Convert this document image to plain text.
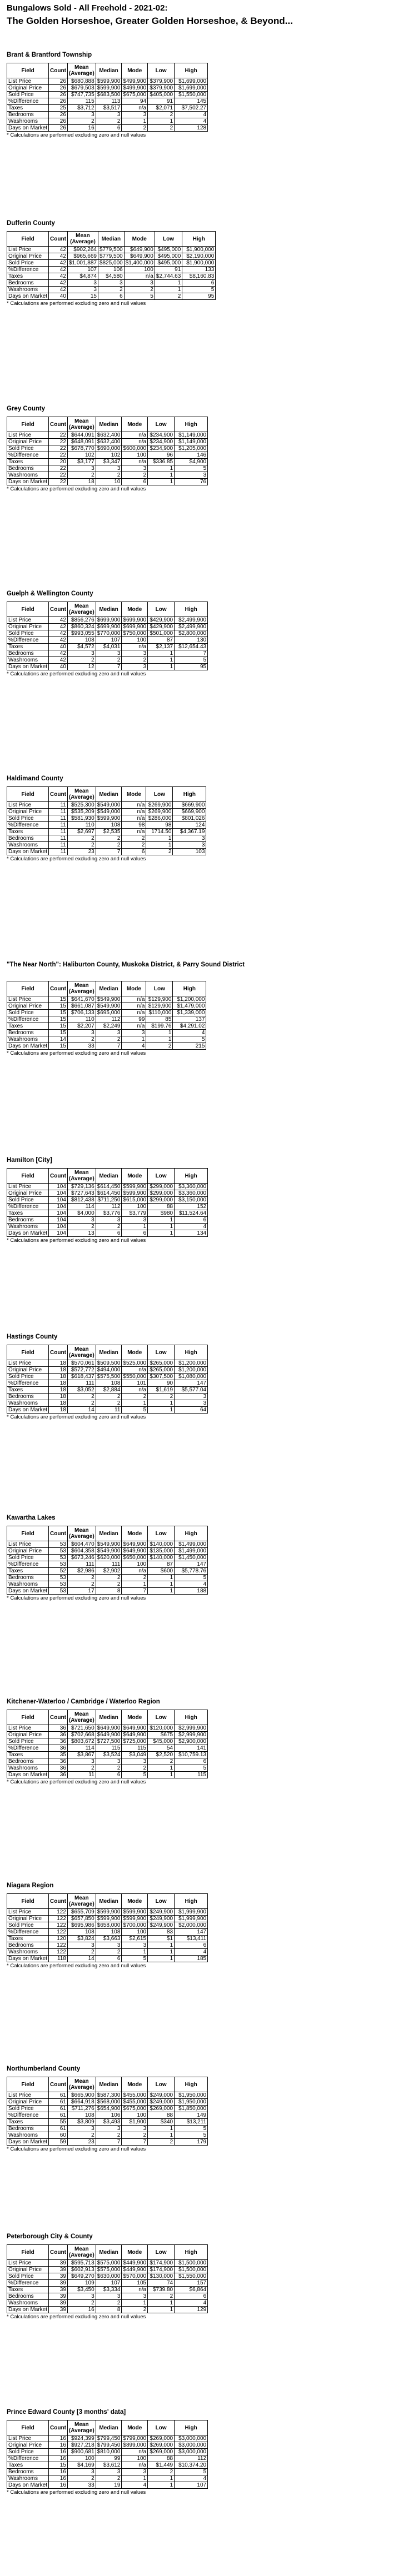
Bungalows Sold - All Freehold - 2021-02:
The Golden Horseshoe, Greater Golden Horseshoe, & Beyond...
Brant & Brantford Township
Field	Count	Mean (Average)	Median	Mode	Low	High
List Price	26	$680,888	$599,900	$499,900	$379,900	$1,699,000
Original Price	26	$679,503	$599,900	$499,900	$379,900	$1,699,000
Sold Price	26	$747,735	$683,500	$675,000	$405,000	$1,550,000
%Difference	26	115	113	94	91	145
Taxes	25	$3,712	$3,517	n/a	$2,071	$7,502.27
Bedrooms	26	3	3	3	2	4
Washrooms	26	2	2	1	1	4
Days on Market	26	16	6	2	2	128
* Calculations are performed excluding zero and null values
Dufferin County
Field	Count	Mean (Average)	Median	Mode	Low	High
List Price	42	$902,264	$779,500	$649,900	$495,000	$1,900,000
Original Price	42	$965,669	$779,500	$649,900	$495,000	$2,190,000
Sold Price	42	$1,001,887	$825,000	$1,400,000	$495,000	$1,900,000
%Difference	42	107	106	100	91	133
Taxes	42	$4,874	$4,580	n/a	$2,744.63	$8,160.83
Bedrooms	42	3	3	3	1	6
Washrooms	42	3	2	2	1	5
Days on Market	40	15	6	5	2	95
* Calculations are performed excluding zero and null values
Grey County
Field	Count	Mean (Average)	Median	Mode	Low	High
List Price	22	$644,091	$632,400	n/a	$234,900	$1,149,000
Original Price	22	$648,091	$632,400	n/a	$234,900	$1,149,000
Sold Price	22	$678,770	$690,000	$600,000	$234,900	$1,205,000
%Difference	22	102	102	100	96	146
Taxes	20	$3,177	$3,347	n/a	$336.85	$4,900
Bedrooms	22	3	3	3	1	5
Washrooms	22	2	2	2	1	3
Days on Market	22	18	10	6	1	76
* Calculations are performed excluding zero and null values
Guelph & Wellington County
Field	Count	Mean (Average)	Median	Mode	Low	High
List Price	42	$856,276	$699,900	$699,900	$429,900	$2,499,900
Original Price	42	$860,324	$699,900	$699,900	$429,900	$2,499,900
Sold Price	42	$993,055	$770,000	$750,000	$501,000	$2,800,000
%Difference	42	108	107	100	87	130
Taxes	40	$4,572	$4,031	n/a	$2,137	$12,654.43
Bedrooms	42	3	3	3	1	7
Washrooms	42	2	2	2	1	5
Days on Market	40	12	7	3	1	95
* Calculations are performed excluding zero and null values
Haldimand County
Field	Count	Mean (Average)	Median	Mode	Low	High
List Price	11	$525,300	$549,000	n/a	$269,900	$669,900
Original Price	11	$535,209	$549,000	n/a	$269,900	$669,900
Sold Price	11	$581,930	$599,900	n/a	$286,000	$801,026
%Difference	11	110	108	98	98	124
Taxes	11	$2,697	$2,535	n/a	1714.50	$4,367.19
Bedrooms	11	2	2	2	1	3
Washrooms	11	2	2	2	1	3
Days on Market	11	23	7	6	2	103
* Calculations are performed excluding zero and null values
"The Near North": Haliburton County, Muskoka District, & Parry Sound District
Field	Count	Mean (Average)	Median	Mode	Low	High
List Price	15	$641,670	$549,900	n/a	$129,900	$1,200,000
Original Price	15	$661,087	$549,900	n/a	$129,900	$1,479,000
Sold Price	15	$706,133	$695,000	n/a	$110,000	$1,339,000
%Difference	15	110	112	99	85	137
Taxes	15	$2,207	$2,249	n/a	$199.76	$4,291.02
Bedrooms	15	3	3	3	1	4
Washrooms	14	2	2	1	1	5
Days on Market	15	33	7	4	2	215
* Calculations are performed excluding zero and null values
Hamilton [City]
Field	Count	Mean (Average)	Median	Mode	Low	High
List Price	104	$729,136	$614,450	$599,900	$299,000	$3,360,000
Original Price	104	$727,643	$614,450	$599,900	$299,000	$3,360,000
Sold Price	104	$812,438	$711,250	$615,000	$299,000	$3,150,000
%Difference	104	114	112	100	88	152
Taxes	104	$4,000	$3,776	$3,779	$980	$11,524.64
Bedrooms	104	3	3	3	1	6
Washrooms	104	2	2	1	1	4
Days on Market	104	13	6	6	1	134
* Calculations are performed excluding zero and null values
Hastings County
Field	Count	Mean (Average)	Median	Mode	Low	High
List Price	18	$570,061	$509,500	$525,000	$265,000	$1,200,000
Original Price	18	$572,772	$494,000	n/a	$265,000	$1,200,000
Sold Price	18	$618,437	$575,500	$550,000	$307,500	$1,080,000
%Difference	18	111	108	101	90	147
Taxes	18	$3,052	$2,884	n/a	$1,619	$5,577.04
Bedrooms	18	2	2	2	2	3
Washrooms	18	2	2	1	1	3
Days on Market	18	14	11	5	1	64
* Calculations are performed excluding zero and null values
Kawartha Lakes
Field	Count	Mean (Average)	Median	Mode	Low	High
List Price	53	$604,470	$549,900	$649,900	$140,000	$1,499,000
Original Price	53	$604,358	$549,900	$649,900	$135,000	$1,499,000
Sold Price	53	$673,246	$620,000	$650,000	$140,000	$1,450,000
%Difference	53	111	111	100	87	147
Taxes	52	$2,986	$2,902	n/a	$600	$5,778.76
Bedrooms	53	2	2	2	1	5
Washrooms	53	2	2	1	1	4
Days on Market	53	17	8	7	1	188
* Calculations are performed excluding zero and null values
Kitchener-Waterloo / Cambridge / Waterloo Region
Field	Count	Mean (Average)	Median	Mode	Low	High
List Price	36	$721,650	$649,900	$649,900	$120,000	$2,999,900
Original Price	36	$702,668	$649,900	$649,900	$675	$2,999,900
Sold Price	36	$803,672	$727,500	$725,000	$45,000	$2,900,000
%Difference	36	114	115	115	54	141
Taxes	35	$3,867	$3,524	$3,049	$2,520	$10,759.13
Bedrooms	36	3	3	3	2	6
Washrooms	36	2	2	2	1	5
Days on Market	36	11	6	5	1	115
* Calculations are performed excluding zero and null values
Niagara Region
Field	Count	Mean (Average)	Median	Mode	Low	High
List Price	122	$655,709	$599,900	$599,900	$249,900	$1,999,900
Original Price	122	$657,850	$599,900	$599,900	$249,900	$1,999,900
Sold Price	122	$695,986	$658,000	$700,000	$249,900	$2,000,000
%Difference	122	108	108	100	83	147
Taxes	120	$3,824	$3,663	$2,615	$1	$13,411
Bedrooms	122	3	3	3	1	6
Washrooms	122	2	2	1	1	4
Days on Market	118	14	6	5	1	185
* Calculations are performed excluding zero and null values
Northumberland County
Field	Count	Mean (Average)	Median	Mode	Low	High
List Price	61	$665,900	$587,300	$455,000	$249,000	$1,950,000
Original Price	61	$664,918	$568,000	$455,000	$249,000	$1,950,000
Sold Price	61	$711,276	$654,900	$675,000	$269,000	$1,850,000
%Difference	61	108	106	100	88	149
Taxes	55	$3,809	$3,493	$1,900	$340	$13,211
Bedrooms	61	3	3	3	1	5
Washrooms	60	2	2	2	1	5
Days on Market	59	23	7	7	2	179
* Calculations are performed excluding zero and null values
Peterborough City & County
Field	Count	Mean (Average)	Median	Mode	Low	High
List Price	39	$595,713	$575,000	$449,900	$174,900	$1,500,000
Original Price	39	$602,913	$575,000	$449,900	$174,900	$1,500,000
Sold Price	39	$649,270	$630,000	$570,000	$130,000	$1,550,000
%Difference	39	109	107	105	74	157
Taxes	39	$3,450	$3,334	n/a	$739.80	$6,864
Bedrooms	39	3	3	3	2	6
Washrooms	39	2	2	1	1	4
Days on Market	39	16	8	2	1	129
* Calculations are performed excluding zero and null values
Prince Edward County [3 months' data]
Field	Count	Mean (Average)	Median	Mode	Low	High
List Price	16	$924,399	$799,450	$799,000	$269,000	$3,000,000
Original Price	16	$927,218	$799,450	$899,000	$269,000	$3,000,000
Sold Price	16	$900,681	$810,000	n/a	$269,000	$3,000,000
%Difference	16	100	99	100	88	112
Taxes	15	$4,169	$3,612	n/a	$1,449	$10,374.20
Bedrooms	16	3	3	3	2	5
Washrooms	16	2	2	1	1	4
Days on Market	16	33	19	4	1	107
* Calculations are performed excluding zero and null values
